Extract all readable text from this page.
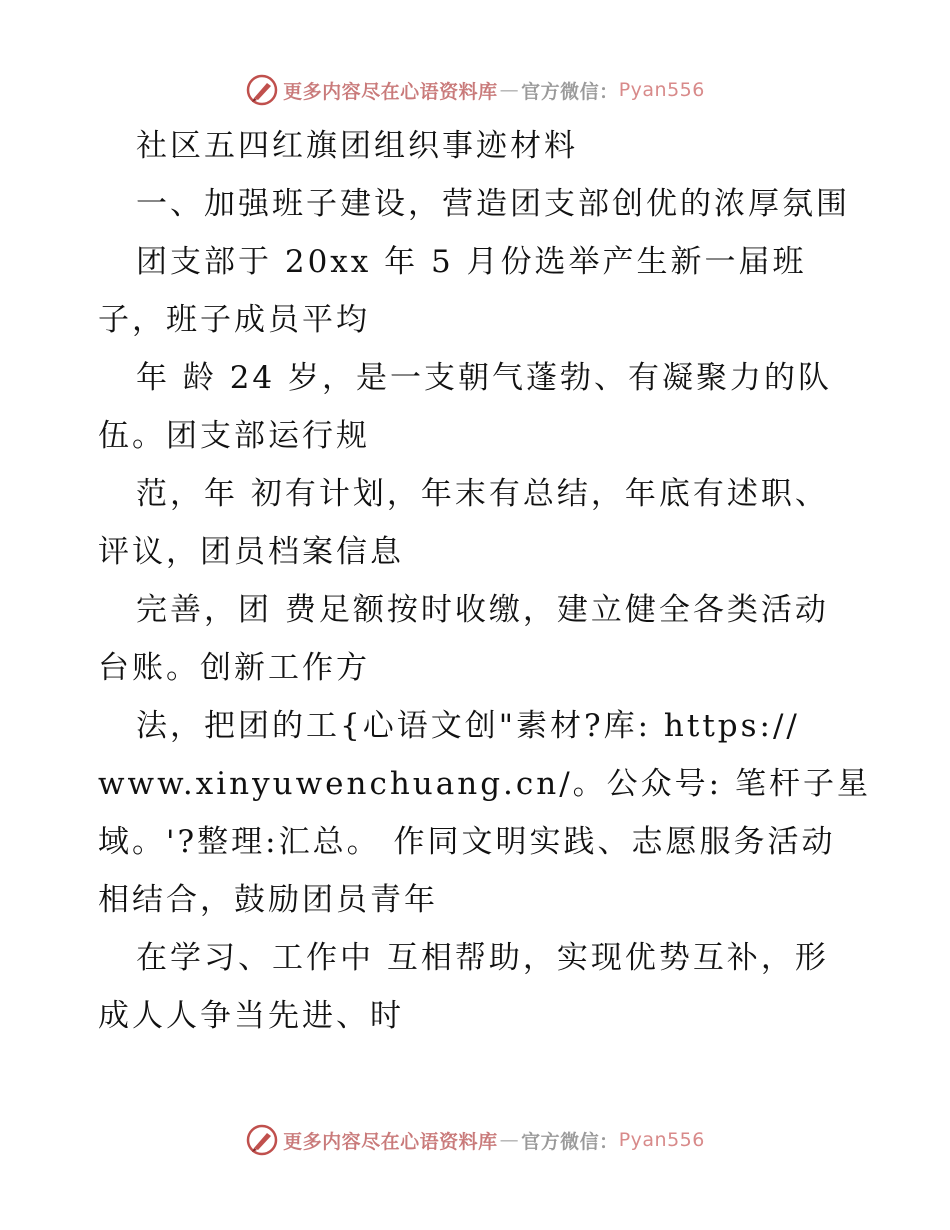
更多内容尽在心语资料库 — 官方微信： Pyan556
社区五四红旗团组织事迹材料
一、加强班子建设，营造团支部创优的浓厚氛围
团支部于 20xx 年 5 月份选举产生新一届班
子，班子成员平均
年 龄 24 岁，是一支朝气蓬勃、有凝聚力的队
伍。团支部运行规
范，年 初有计划，年末有总结，年底有述职、
评议，团员档案信息
完善，团 费足额按时收缴，建立健全各类活动
台账。创新工作方
法，把团的工{心语文创"素材?库: https://
www.xinyuwenchuang.cn/。公众号: 笔杆子星
域。'?整理:汇总。 作同文明实践、志愿服务活动
相结合，鼓励团员青年
在学习、工作中 互相帮助，实现优势互补，形
成人人争当先进、时
更多内容尽在心语资料库 — 官方微信： Pyan556
